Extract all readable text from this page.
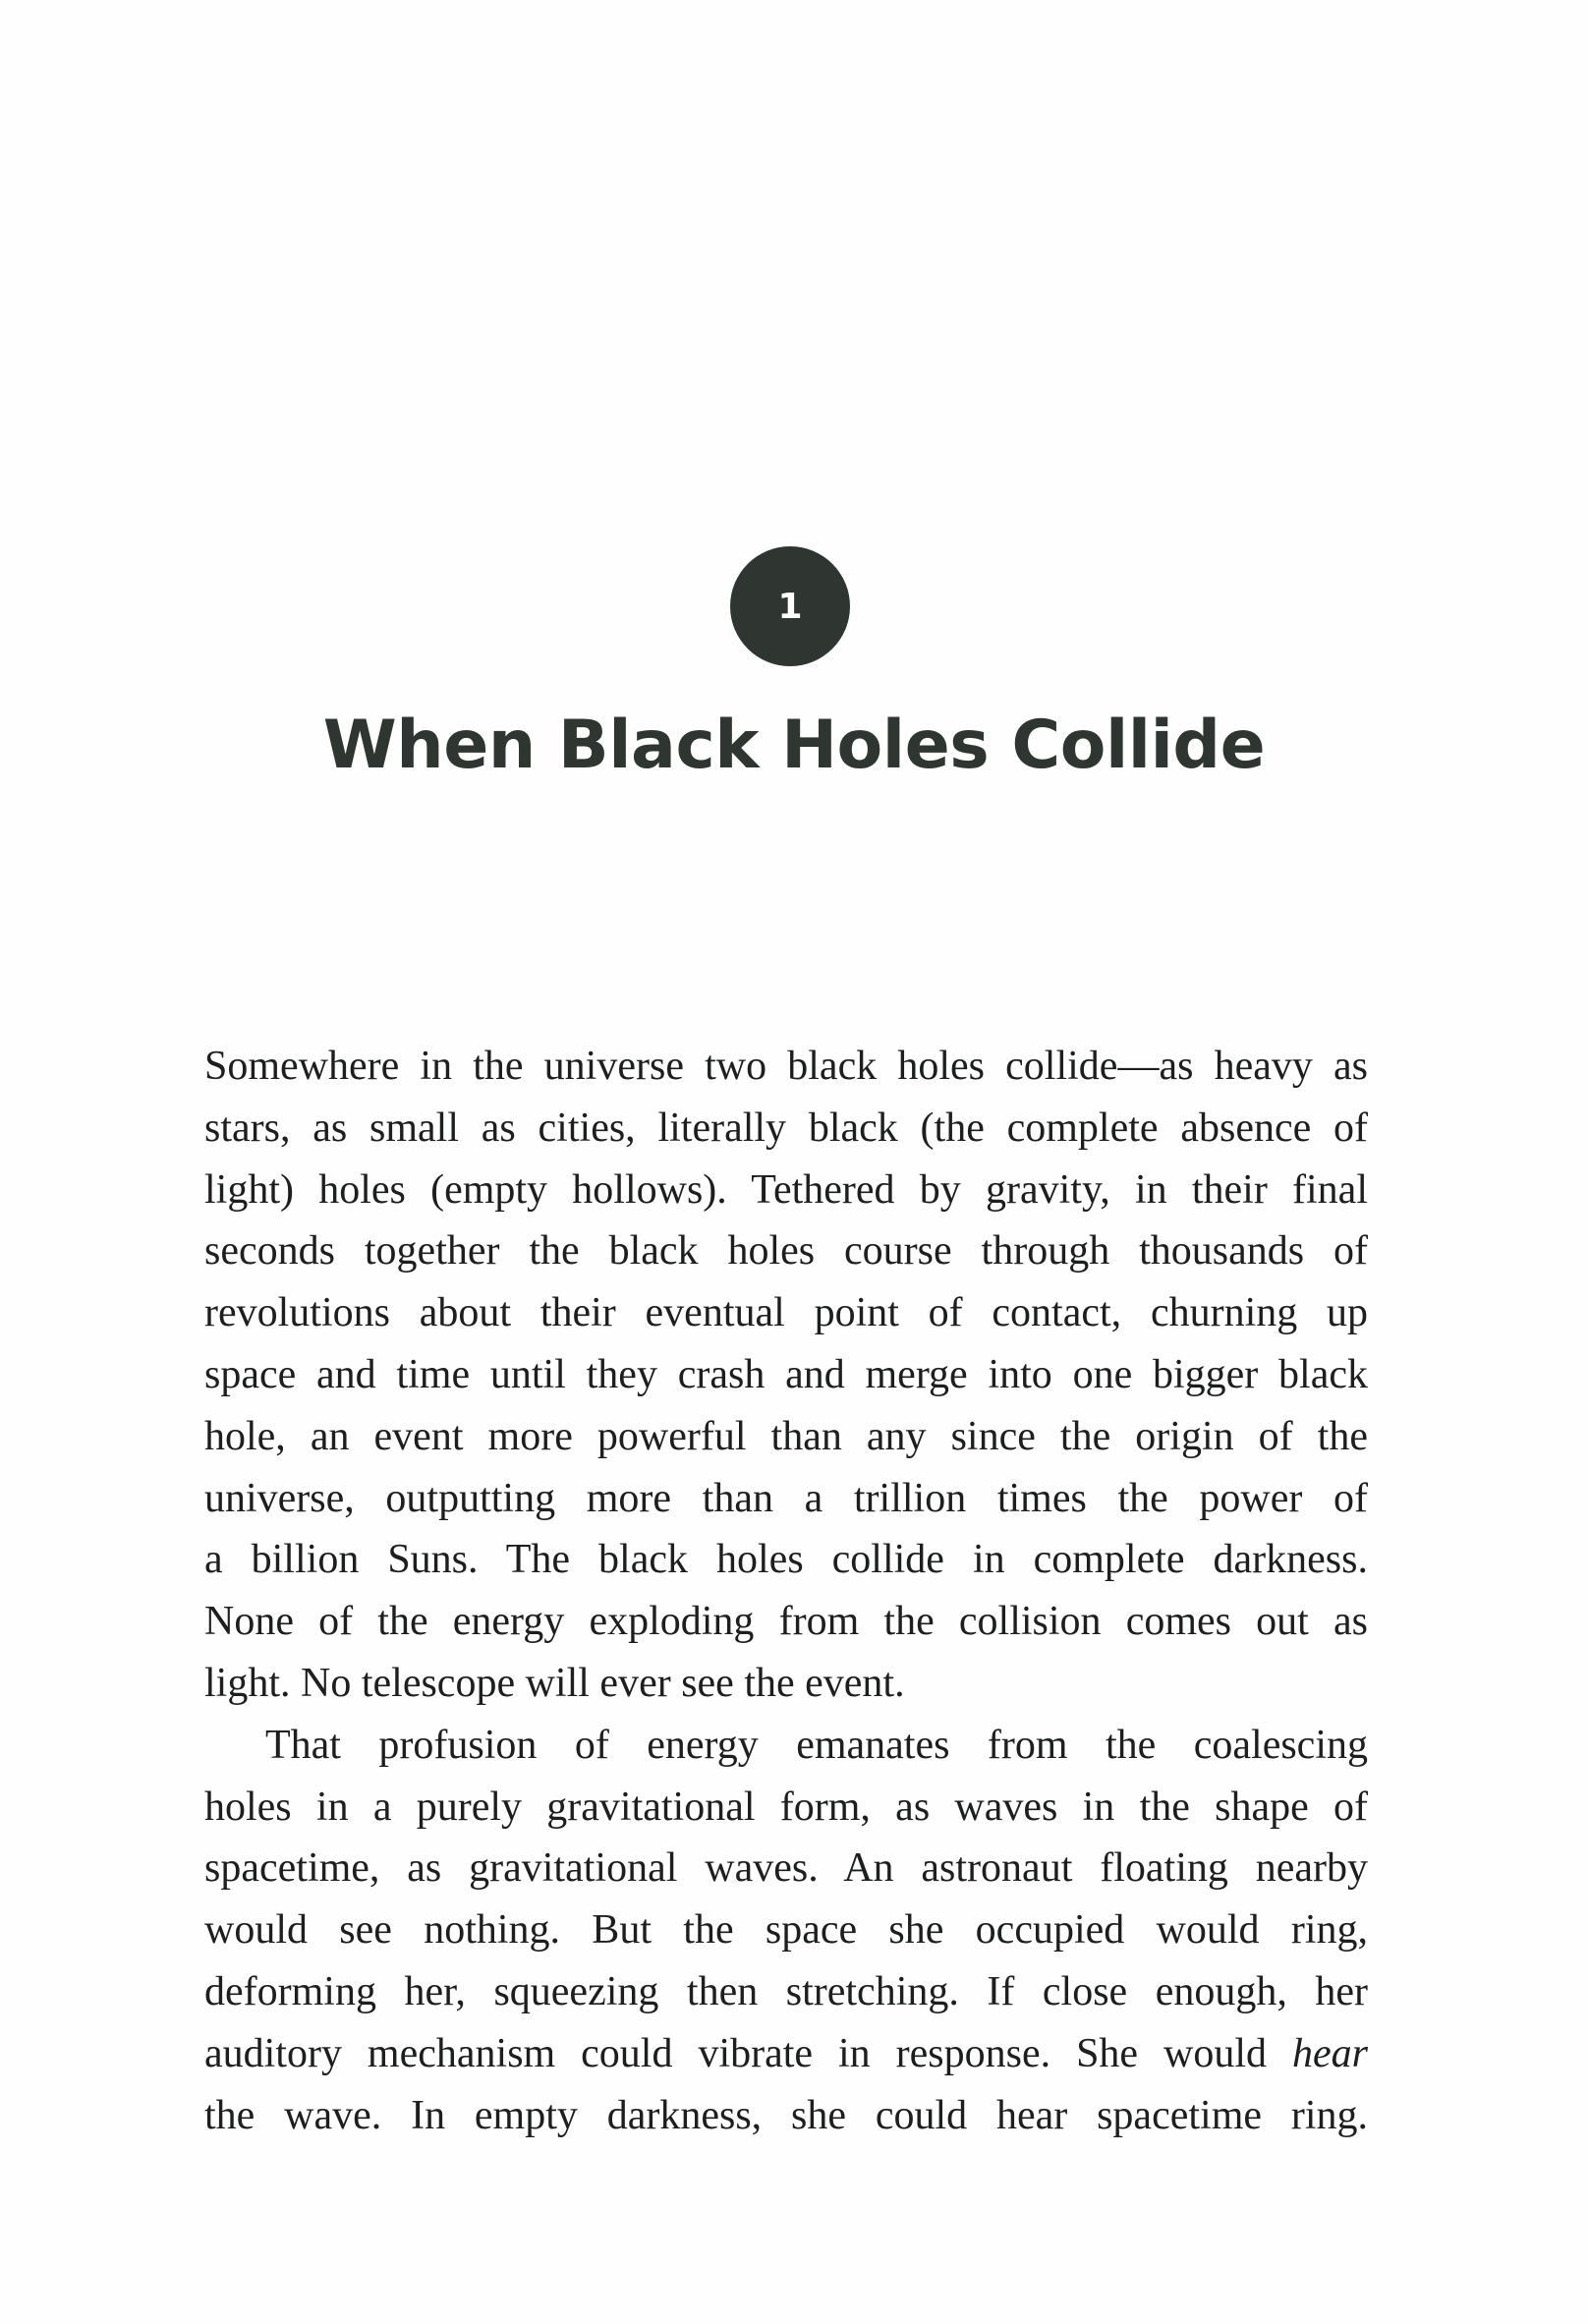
1
When Black Holes Collide

Somewhere in the universe two black holes collide—as heavy as
stars, as small as cities, literally black (the complete absence of
light) holes (empty hollows). Tethered by gravity, in their final
seconds together the black holes course through thousands of
revolutions about their eventual point of contact, churning up
space and time until they crash and merge into one bigger black
hole, an event more powerful than any since the origin of the
universe, outputting more than a trillion times the power of
a billion Suns. The black holes collide in complete darkness.
None of the energy exploding from the collision comes out as
light. No telescope will ever see the event.

That profusion of energy emanates from the coalescing
holes in a purely gravitational form, as waves in the shape of
spacetime, as gravitational waves. An astronaut floating nearby
would see nothing. But the space she occupied would ring,
deforming her, squeezing then stretching. If close enough, her
auditory mechanism could vibrate in response. She would hear
the wave. In empty darkness, she could hear spacetime ring.
